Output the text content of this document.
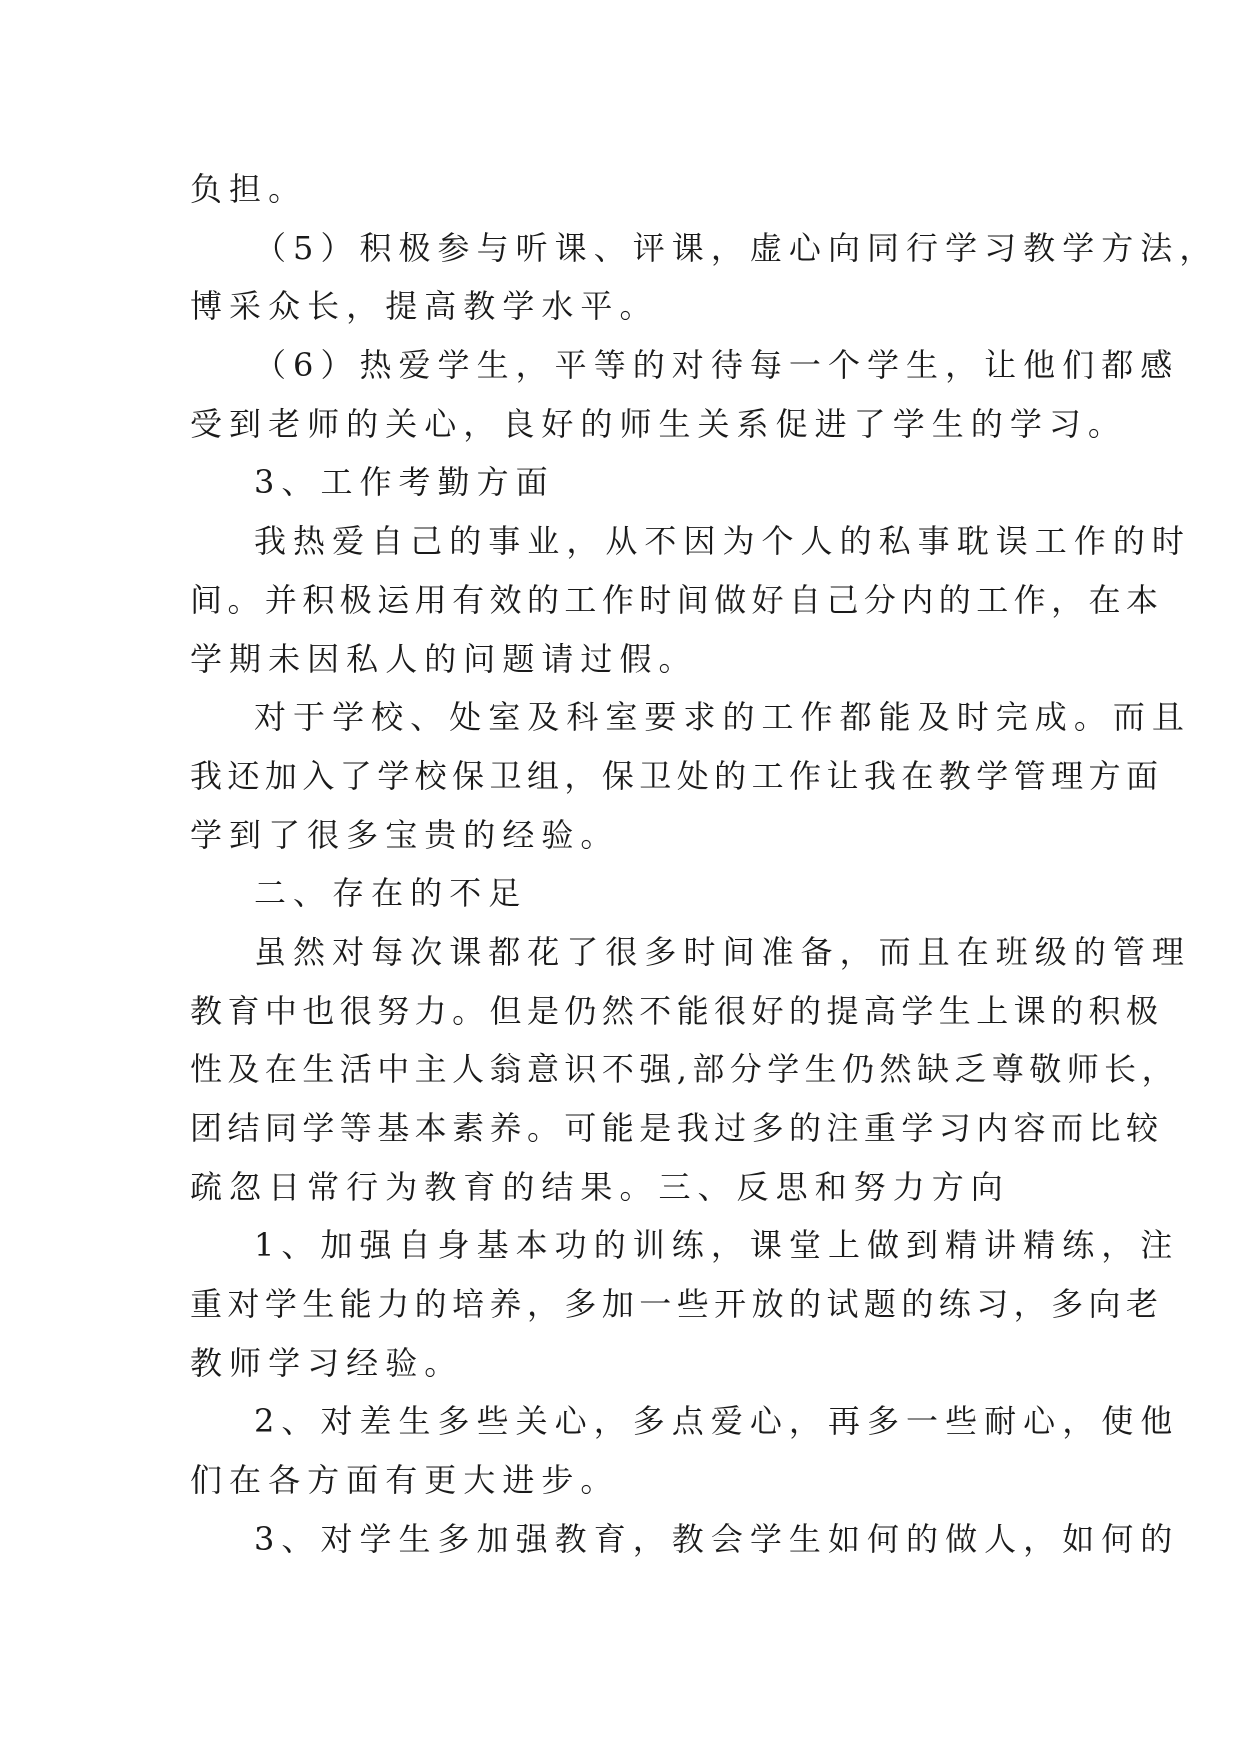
负担。
（5）积极参与听课、评课，虚心向同行学习教学方法，
博采众长，提高教学水平。
（6）热爱学生，平等的对待每一个学生，让他们都感
受到老师的关心，良好的师生关系促进了学生的学习。
3、工作考勤方面
我热爱自己的事业，从不因为个人的私事耽误工作的时
间。并积极运用有效的工作时间做好自己分内的工作，在本
学期未因私人的问题请过假。
对于学校、处室及科室要求的工作都能及时完成。而且
我还加入了学校保卫组，保卫处的工作让我在教学管理方面
学到了很多宝贵的经验。
二、存在的不足
虽然对每次课都花了很多时间准备，而且在班级的管理
教育中也很努力。但是仍然不能很好的提高学生上课的积极
性及在生活中主人翁意识不强,部分学生仍然缺乏尊敬师长，
团结同学等基本素养。可能是我过多的注重学习内容而比较
疏忽日常行为教育的结果。三、反思和努力方向
1、加强自身基本功的训练，课堂上做到精讲精练，注
重对学生能力的培养，多加一些开放的试题的练习，多向老
教师学习经验。
2、对差生多些关心，多点爱心，再多一些耐心，使他
们在各方面有更大进步。
3、对学生多加强教育，教会学生如何的做人，如何的
